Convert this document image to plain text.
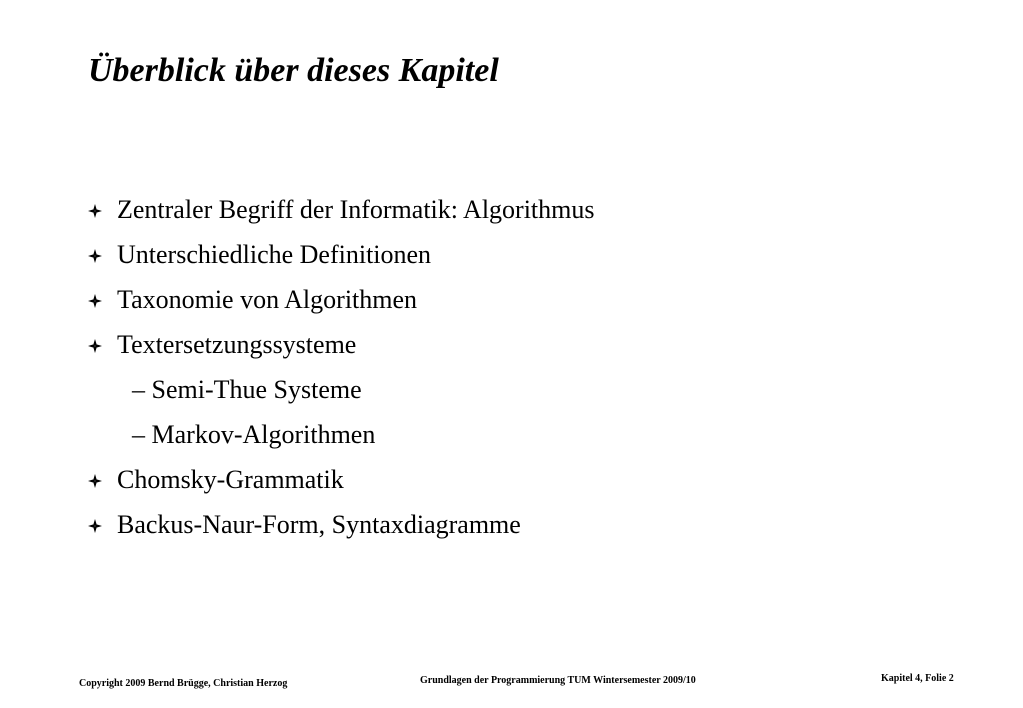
Überblick über dieses Kapitel
Zentraler Begriff der Informatik: Algorithmus
Unterschiedliche Definitionen
Taxonomie von Algorithmen
Textersetzungssysteme
– Semi-Thue Systeme
– Markov-Algorithmen
Chomsky-Grammatik
Backus-Naur-Form, Syntaxdiagramme
Copyright 2009 Bernd Brügge, Christian Herzog	Grundlagen der Programmierung TUM Wintersemester 2009/10	Kapitel 4, Folie 2
